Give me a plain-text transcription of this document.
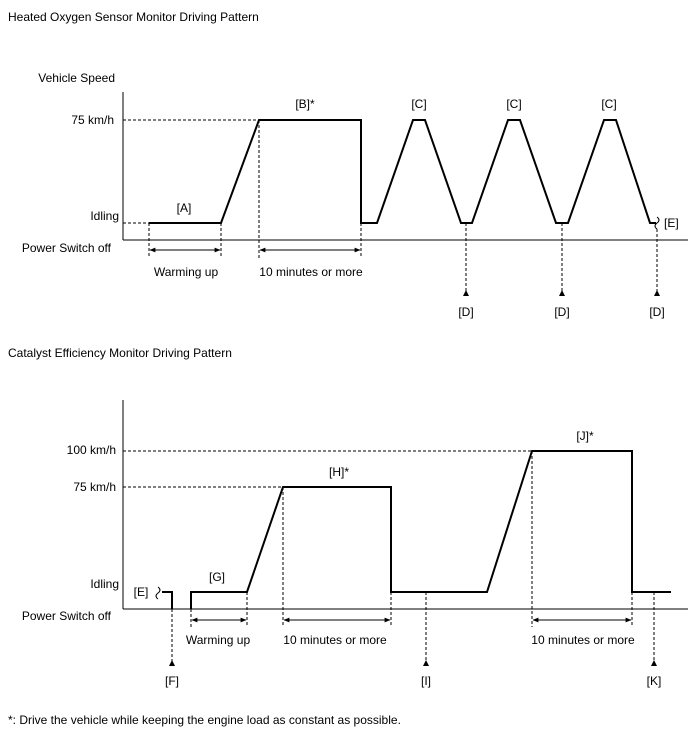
Heated Oxygen Sensor Monitor Driving Pattern
Vehicle Speed
75 km/h
Idling
Power Switch off
Warming up	10 minutes or more
[A]
[B]*	[C]	[C]	[C]
[D]	[D]	[D]
[E]
Catalyst Efficiency Monitor Driving Pattern
100 km/h
75 km/h
Idling
Power Switch off
Warming up	10 minutes or more	10 minutes or more
[E]
[F]
[G]
[H]*
[I]
[J]*
[K]
*: Drive the vehicle while keeping the engine load as constant as possible.
